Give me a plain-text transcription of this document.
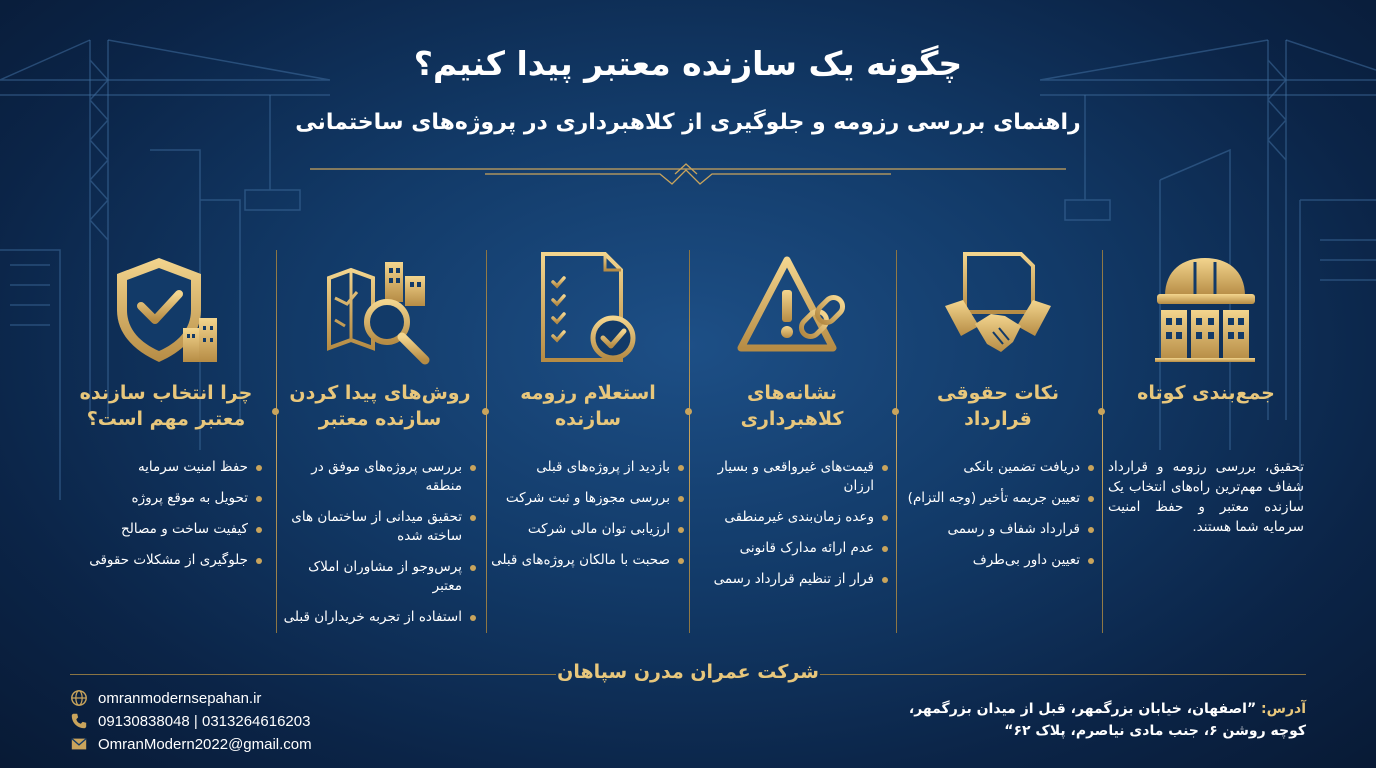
چگونه یک سازنده معتبر پیدا کنیم؟
راهنمای بررسی رزومه و جلوگیری از کلاهبرداری در پروژه‌های ساختمانی
چرا انتخاب سازنده معتبر مهم است؟
حفظ امنیت سرمایه
تحویل به موقع پروژه
کیفیت ساخت و مصالح
جلوگیری از مشکلات حقوقی
روش‌های پیدا کردن سازنده معتبر
بررسی پروژه‌های موفق در منطقه
تحقیق میدانی از ساختمان های ساخته شده
پرس‌وجو از مشاوران املاک معتبر
استفاده از تجربه خریداران قبلی
استعلام رزومه سازنده
بازدید از پروژه‌های قبلی
بررسی مجوزها و ثبت شرکت
ارزیابی توان مالی شرکت
صحبت با مالکان پروژه‌های قبلی
نشانه‌های کلاهبرداری
قیمت‌های غیرواقعی و بسیار ارزان
وعده زمان‌بندی غیرمنطقی
عدم ارائه مدارک قانونی
فرار از تنظیم قرارداد رسمی
نکات حقوقی قرارداد
دریافت تضمین بانکی
تعیین جریمه تأخیر (وجه التزام)
قرارداد شفاف و رسمی
تعیین داور بی‌طرف
جمع‌بندی کوتاه
تحقیق، بررسی رزومه و قرارداد شفاف مهم‌ترین راه‌های انتخاب یک سازنده معتبر و حفظ امنیت سرمایه شما هستند.
شرکت عمران مدرن سپاهان
omranmodernsepahan.ir
09130838048 | 0313264616203
OmranModern2022@gmail.com
آدرس: ”اصفهان، خیابان بزرگمهر، قبل از میدان بزرگمهر،
کوچه روشن ۶، جنب مادی نیاصرم، پلاک ۶۲“
